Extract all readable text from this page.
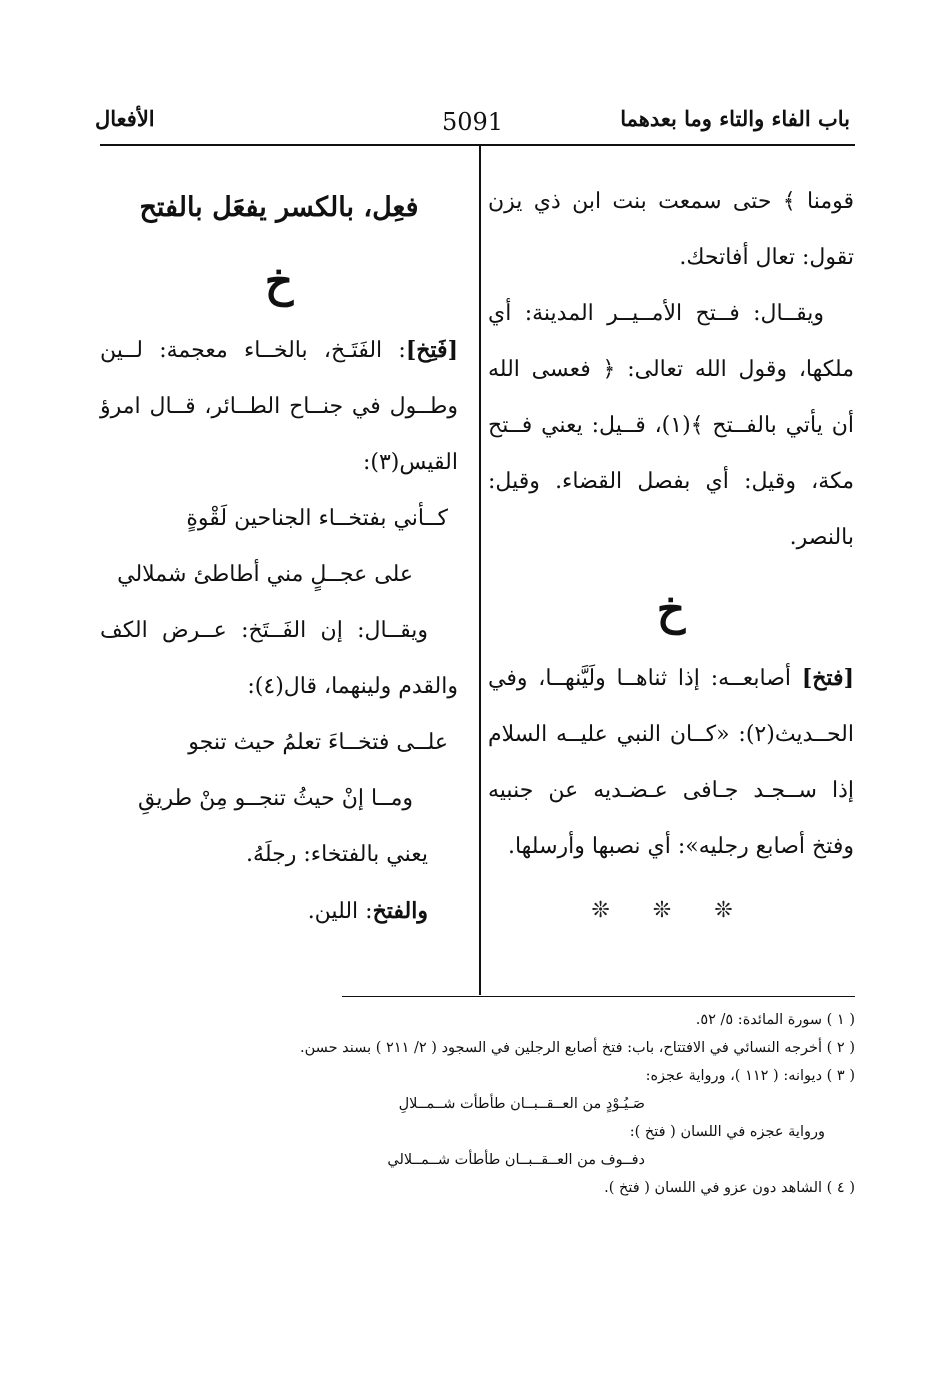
باب الفاء والتاء وما بعدهما
5091
الأفعال

قومنا ﴾ حتى سمعت بنت ابن ذي يزن تقول: تعال أفاتحك.

ويقــال: فــتح الأمــيــر المدينة: أي ملكها، وقول الله تعالى: ﴿ فعسى الله أن يأتي بالفــتح ﴾(١)، قــيل: يعني فــتح مكة، وقيل: أي بفصل القضاء. وقيل: بالنصر.

خ

[فتخ] أصابعــه: إذا ثناهــا ولَيَّنهــا، وفي الحــديث(٢): «كــان النبي عليــه السلام إذا ســجـد جـافى عـضـديه عن جنبيه وفتخ أصابع رجليه»: أي نصبها وأرسلها.

❊ ❊ ❊
فعِل، بالكسر يفعَل بالفتح
خ

[فَتِخ]: الفَتَـخ، بالخــاء معجمة: لــين وطــول في جنــاح الطــائر، قــال امرؤ القيس(٣):

كــأني بفتخــاء الجناحين لَقْوةٍ
على عجــلٍ مني أطاطئ شملالي

ويقــال: إن الفَــتَخ: عــرض الكف والقدم ولينهما، قال(٤):

علــى فتخــاءَ تعلمُ حيث تنجو
ومــا إنْ حيثُ تنجــو مِنْ طريقِ

يعني بالفتخاء: رجلَهُ.

والفتخ: اللين.

( ١ ) سورة المائدة: ٥/ ٥٢.
( ٢ ) أخرجه النسائي في الافتتاح، باب: فتخ أصابع الرجلين في السجود ( ٢/ ٢١١ ) بسند حسن.
( ٣ ) ديوانه: ( ١١٢ )، ورواية عجزه:
صَـيُـوْدٍ من العــقــبــان طأطأت شــمــلالِ
ورواية عجزه في اللسان ( فتخ ):
دفــوف من العــقــبــان طأطأت شــمــلالي
( ٤ ) الشاهد دون عزو في اللسان ( فتخ ).
